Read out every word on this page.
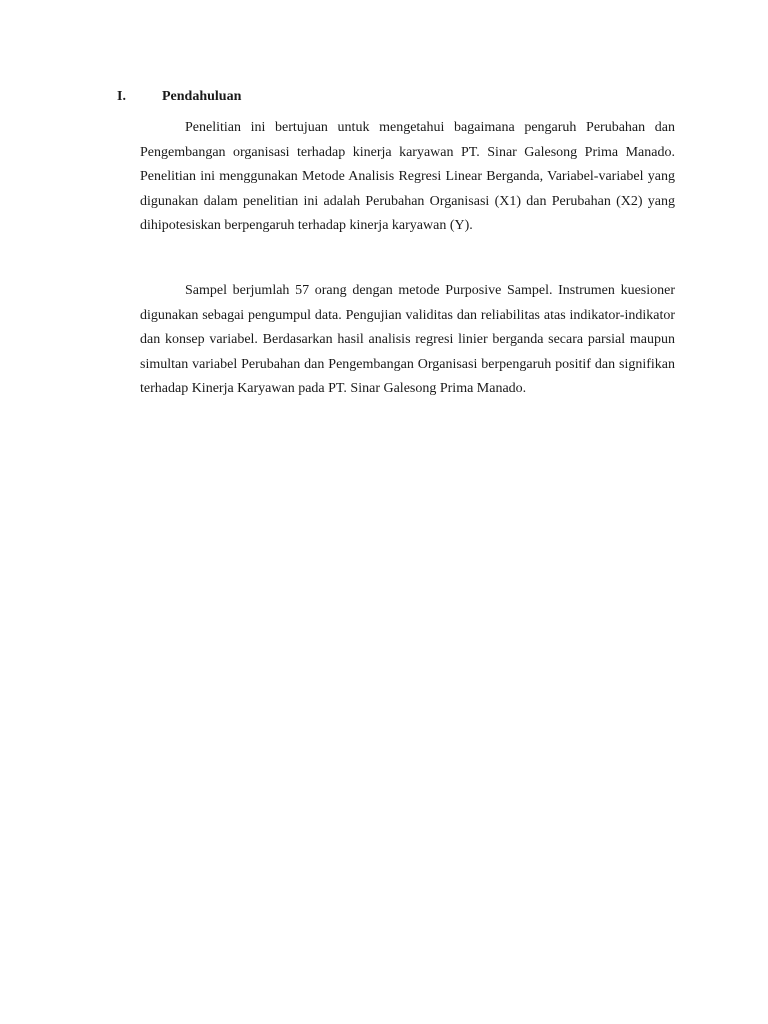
I.	Pendahuluan

Penelitian ini bertujuan untuk mengetahui bagaimana pengaruh Perubahan dan Pengembangan organisasi terhadap kinerja karyawan PT. Sinar Galesong Prima Manado. Penelitian ini menggunakan Metode Analisis Regresi Linear Berganda, Variabel-variabel yang digunakan dalam penelitian ini adalah Perubahan Organisasi (X1) dan Perubahan (X2) yang dihipotesiskan berpengaruh terhadap kinerja karyawan (Y).

Sampel berjumlah 57 orang dengan metode Purposive Sampel. Instrumen kuesioner digunakan sebagai pengumpul data. Pengujian validitas dan reliabilitas atas indikator-indikator dan konsep variabel. Berdasarkan hasil analisis regresi linier berganda secara parsial maupun simultan variabel Perubahan dan Pengembangan Organisasi berpengaruh positif dan signifikan terhadap Kinerja Karyawan pada PT. Sinar Galesong Prima Manado.
